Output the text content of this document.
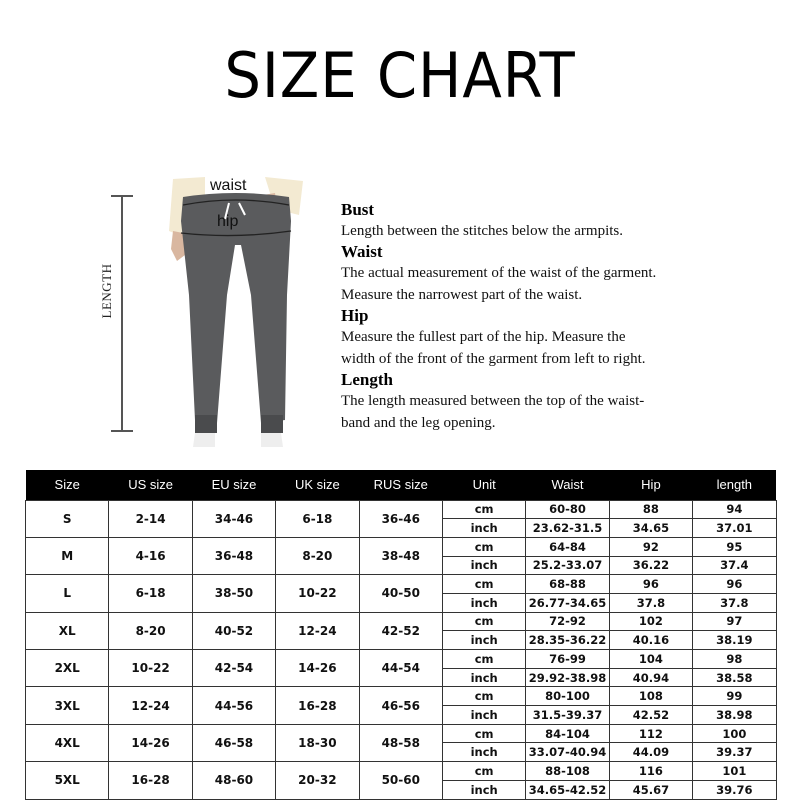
SIZE CHART
LENGTH
waist
hip
Bust
Length between the stitches below the armpits.
Waist
The actual measurement of the waist of the garment.
Measure the narrowest part of the waist.
Hip
Measure the fullest part of the hip. Measure the
width of the front of the garment from left to right.
Length
The length measured between the top of the waist-
band and the leg opening.
Size	US size	EU size	UK size	RUS size	Unit	Waist	Hip	length
S	2-14	34-46	6-18	36-46	cm	60-80	88	94
					inch	23.62-31.5	34.65	37.01
M	4-16	36-48	8-20	38-48	cm	64-84	92	95
					inch	25.2-33.07	36.22	37.4
L	6-18	38-50	10-22	40-50	cm	68-88	96	96
					inch	26.77-34.65	37.8	37.8
XL	8-20	40-52	12-24	42-52	cm	72-92	102	97
					inch	28.35-36.22	40.16	38.19
2XL	10-22	42-54	14-26	44-54	cm	76-99	104	98
					inch	29.92-38.98	40.94	38.58
3XL	12-24	44-56	16-28	46-56	cm	80-100	108	99
					inch	31.5-39.37	42.52	38.98
4XL	14-26	46-58	18-30	48-58	cm	84-104	112	100
					inch	33.07-40.94	44.09	39.37
5XL	16-28	48-60	20-32	50-60	cm	88-108	116	101
					inch	34.65-42.52	45.67	39.76
